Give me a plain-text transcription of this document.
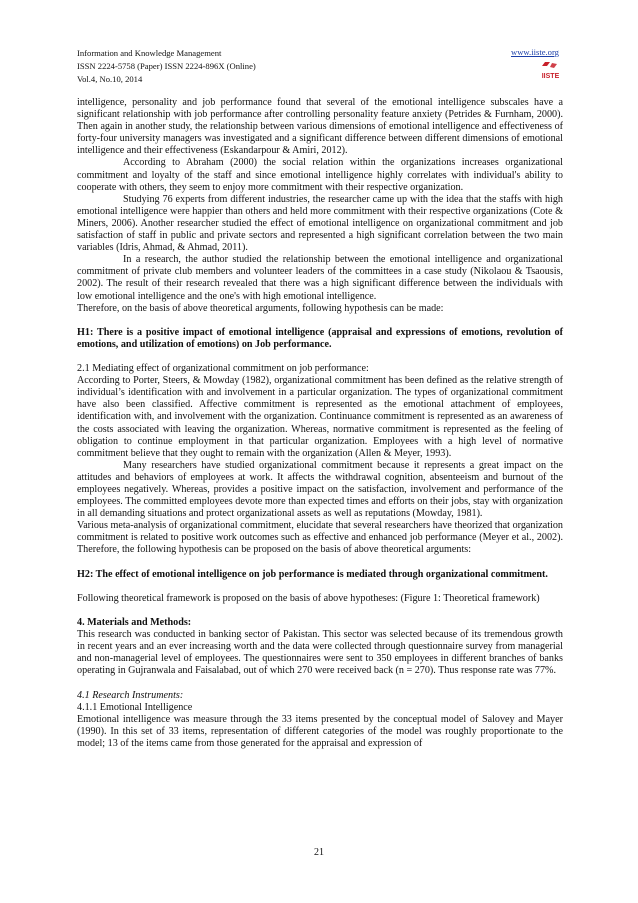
Information and Knowledge Management
ISSN 2224-5758 (Paper) ISSN 2224-896X (Online)
Vol.4, No.10, 2014
www.iiste.org
IISTE

intelligence, personality and job performance found that several of the emotional intelligence subscales have a significant relationship with job performance after controlling personality feature anxiety (Petrides & Furnham, 2000). Then again in another study, the relationship between various dimensions of emotional intelligence and effectiveness of forty-four university managers was investigated and a significant difference between different dimensions of emotional intelligence and their effectiveness (Eskandarpour & Amiri, 2012).

According to Abraham (2000) the social relation within the organizations increases organizational commitment and loyalty of the staff and since emotional intelligence highly correlates with individual's ability to cooperate with others, they seem to enjoy more commitment with their respective organization.

Studying 76 experts from different industries, the researcher came up with the idea that the staffs with high emotional intelligence were happier than others and held more commitment with their respective organizations (Cote & Miners, 2006). Another researcher studied the effect of emotional intelligence on organizational commitment and job satisfaction of staff in public and private sectors and represented a high significant correlation between the two main variables (Idris, Ahmad, & Ahmad, 2011).

In a research, the author studied the relationship between the emotional intelligence and organizational commitment of private club members and volunteer leaders of the committees in a case study (Nikolaou & Tsaousis, 2002). The result of their research revealed that there was a high significant difference between the individuals with low emotional intelligence and the one's with high emotional intelligence.

Therefore, on the basis of above theoretical arguments, following hypothesis can be made:

H1: There is a positive impact of emotional intelligence (appraisal and expressions of emotions, revolution of emotions, and utilization of emotions) on Job performance.

2.1 Mediating effect of organizational commitment on job performance:

According to Porter, Steers, & Mowday (1982), organizational commitment has been defined as the relative strength of individual’s identification with and involvement in a particular organization. The types of organizational commitment have also been classified. Affective commitment is represented as the emotional attachment of employees, identification with, and involvement with the organization. Continuance commitment is represented as an awareness of the costs associated with leaving the organization. Whereas, normative commitment is represented as the feeling of obligation to continue employment in that particular organization. Employees with a high level of normative commitment believe that they ought to remain with the organization (Allen & Meyer, 1993).

Many researchers have studied organizational commitment because it represents a great impact on the attitudes and behaviors of employees at work. It affects the withdrawal cognition, absenteeism and burnout of the employees negatively. Whereas, provides a positive impact on the satisfaction, involvement and performance of the employees. The committed employees devote more than expected times and efforts on their jobs, stay with organization in all demanding situations and protect organizational assets as well as reputations (Mowday, 1981).

Various meta-analysis of organizational commitment, elucidate that several researchers have theorized that organization commitment is related to positive work outcomes such as effective and enhanced job performance (Meyer et al., 2002). Therefore, the following hypothesis can be proposed on the basis of above theoretical arguments:

H2: The effect of emotional intelligence on job performance is mediated through organizational commitment.

Following theoretical framework is proposed on the basis of above hypotheses: (Figure 1: Theoretical framework)

4. Materials and Methods:

This research was conducted in banking sector of Pakistan. This sector was selected because of its tremendous growth in recent years and an ever increasing worth and the data were collected through questionnaire survey from managerial and non-managerial level of employees. The questionnaires were sent to 350 employees in different branches of banks operating in Gujranwala and Faisalabad, out of which 270 were received back (n = 270). Thus response rate was 77%.

4.1 Research Instruments:

4.1.1 Emotional Intelligence

Emotional intelligence was measure through the 33 items presented by the conceptual model of Salovey and Mayer (1990). In this set of 33 items, representation of different categories of the model was roughly proportionate to the model; 13 of the items came from those generated for the appraisal and expression of

21
